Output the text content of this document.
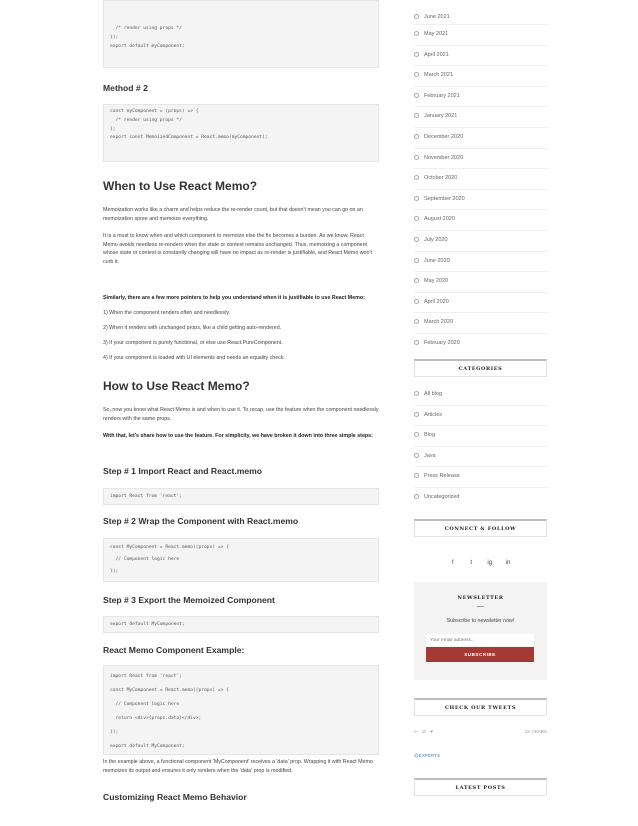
/* render using props */
});
export default myComponent;
Method # 2
const myComponent = (props) => {
/* render using props */
};
export const MemoizedComponent = React.memo(myComponent);
When to Use React Memo?
Memoization works like a charm and helps reduce the re-render count, but that doesn't mean you can go on an memoization spree and memoize everything.
It is a must to know when and which component to memoize else the fix becomes a burden. As we know, React Memo avoids needless re-renders when the state or context remains unchanged. Thus, memoizing a component whose state or context is constantly changing will have no impact as re-render is justifiable, and React Memo won't curb it.
Similarly, there are a few more pointers to help you understand when it is justifiable to use React Memo:
1) When the component renders often and needlessly.
2) When it renders with unchanged props, like a child getting auto-rendered.
3) If your component is purely functional, or else use React.PureComponent.
4) If your component is loaded with UI elements and needs an equality check.
How to Use React Memo?
So, now you know what React Memo is and when to use it. To recap, use the feature when the component needlessly renders with the same props.
With that, let's share how to use the feature. For simplicity, we have broken it down into three simple steps:
Step # 1 Import React and React.memo
import React from 'react';
Step # 2 Wrap the Component with React.memo
const MyComponent = React.memo((props) => {
// Component logic here
});
Step # 3 Export the Memoized Component
export default MyComponent;
React Memo Component Example:
import React from 'react';
const MyComponent = React.memo((props) => {
// Component logic here
return <div>{props.data}</div>;
});
export default MyComponent;
In the example above, a functional component 'MyComponent' receives a 'data' prop. Wrapping it with React Memo memoizes its output and ensures it only renders when the 'data' prop is modified.
Customizing React Memo Behavior
June 2021
May 2021
April 2021
March 2021
February 2021
January 2021
December 2020
November 2020
October 2020
September 2020
August 2020
July 2020
June 2020
May 2020
April 2020
March 2020
February 2020
CATEGORIES
All blog
Articles
Blog
Java
Press Release
Uncategorized
CONNECT & FOLLOW
f	t	ig in
NEWSLETTER
Subscribe to newsletter now!
Your email address...
SUBSCRIBE
CHECK OUR TWEETS
↩ ⇄ ♥	24 YEARS
@EXPERTS
LATEST POSTS
